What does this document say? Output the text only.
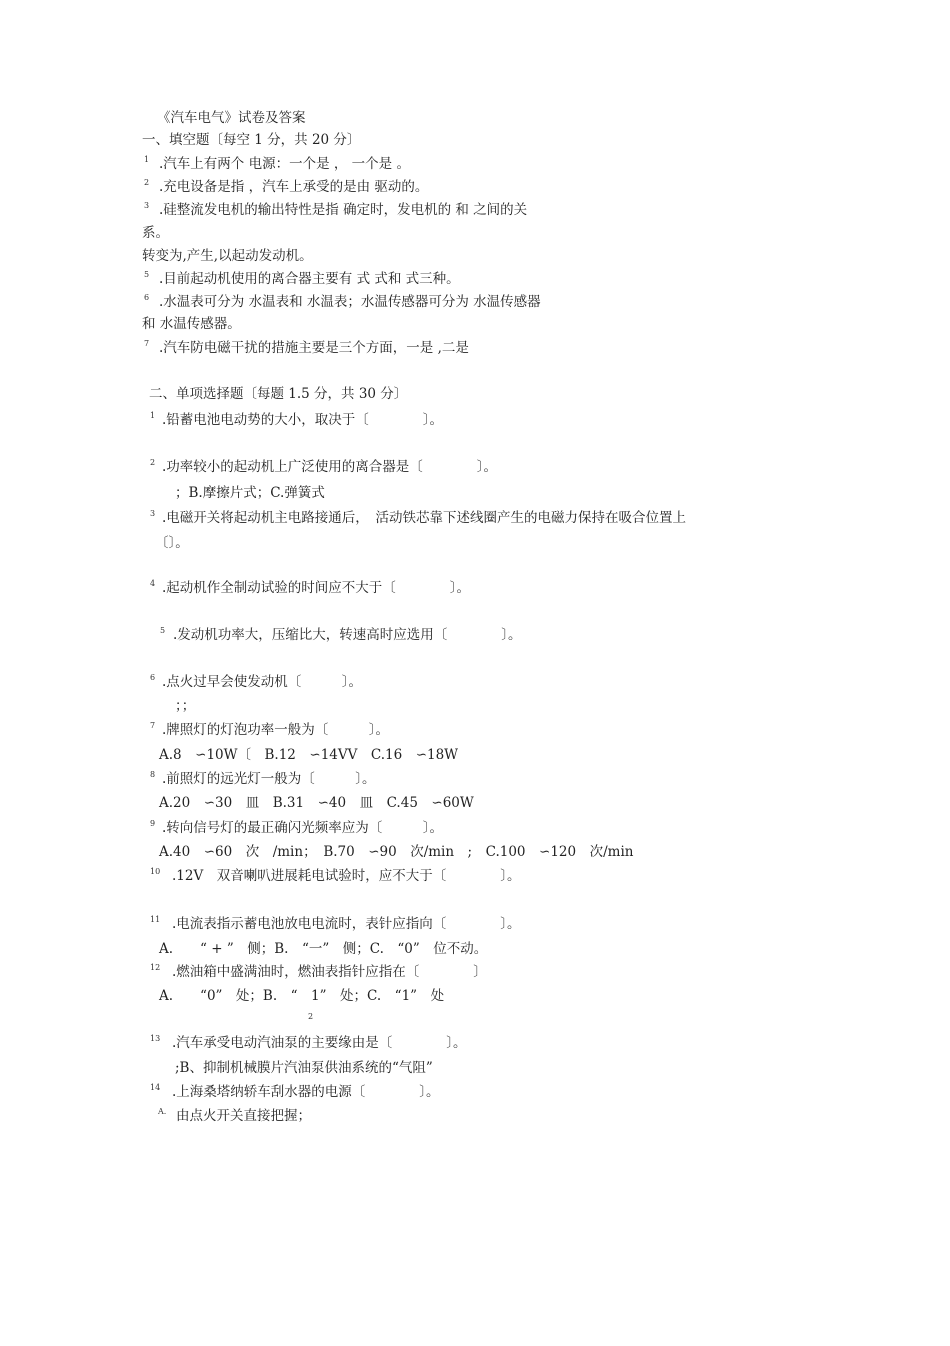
《汽车电气》试卷及答案
一、填空题〔每空 1 分，共 20 分〕
1 .汽车上有两个 电源：一个是 ， 一个是 。
2 .充电设备是指 ，汽车上承受的是由 驱动的。
3 .硅整流发电机的输出特性是指 确定时，发电机的 和 之间的关
系。
转变为,产生,以起动发动机。
5 .目前起动机使用的离合器主要有 式 式和 式三种。
6 .水温表可分为 水温表和 水温表；水温传感器可分为 水温传感器
和 水温传感器。
7 .汽车防电磁干扰的措施主要是三个方面，一是 ,二是
二、单项选择题〔每题 1.5 分，共 30 分〕
1 .铅蓄电池电动势的大小，取决于〔　　　　〕。
2 .功率较小的起动机上广泛使用的离合器是〔　　　　〕。
；B.摩擦片式；C.弹簧式
3 .电磁开关将起动机主电路接通后，　活动铁芯靠下述线圈产生的电磁力保持在吸合位置上
〔〕。
4 .起动机作全制动试验的时间应不大于〔　　　　〕。
5 .发动机功率大，压缩比大，转速高时应选用〔　　　　〕。
6 .点火过早会使发动机〔　　　〕。
；；
7 .牌照灯的灯泡功率一般为〔　　　〕。
A.8　∽10W〔　B.12　∽14VV　C.16　∽18W
8 .前照灯的远光灯一般为〔　　　〕。
A.20　∽30　皿　B.31　∽40　皿　C.45　∽60W
9 .转向信号灯的最正确闪光频率应为〔　　　〕。
A.40　∽60　次　/min；　B.70　∽90　次/min　;　C.100　∽120　次/min
10 .12V　双音喇叭进展耗电试验时，应不大于〔　　　　〕。
11 .电流表指示蓄电池放电电流时，表针应指向〔　　　　〕。
A.　　“ + ”　侧；B.　“一”　侧；C.　“0”　位不动。
12 .燃油箱中盛满油时，燃油表指针应指在〔　　　　〕
A.　　“0”　处；B.　“　1”　处；C.　“1”　处
2
13 .汽车承受电动汽油泵的主要缘由是〔　　　　〕。
;B、抑制机械膜片汽油泵供油系统的“气阻”
14 .上海桑塔纳轿车刮水器的电源〔　　　　〕。
A. 由点火开关直接把握；
